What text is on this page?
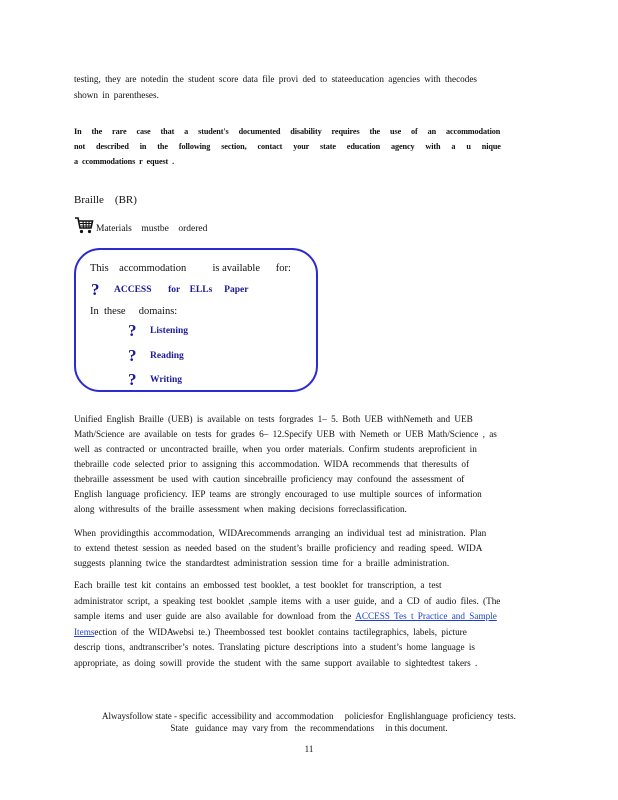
testing, they are notedin the student score data file provi ded to stateeducation agencies with thecodes
shown in parentheses.
In the rare case that a student's documented disability requires the use of an accommodation
not described in the following section, contact your state education agency with a u nique
a ccommodations r equest .
Braille    (BR)
Materials    mustbe    ordered
This    accommodation          is available      for:
? ACCESS       for    ELLs     Paper
In  these     domains:
? Listening
? Reading
? Writing
Unified English Braille (UEB) is available on tests forgrades 1– 5. Both UEB withNemeth and UEB
Math/Science are available on tests for grades 6– 12.Specify UEB with Nemeth or UEB Math/Science , as
well as contracted or uncontracted braille, when you order materials. Confirm students areproficient in
thebraille code selected prior to assigning this accommodation. WIDA recommends that theresults of
thebraille assessment be used with caution sincebraille proficiency may confound the assessment of
English language proficiency. IEP teams are strongly encouraged to use multiple sources of information
along withresults of the braille assessment when making decisions forreclassification.
When providingthis accommodation, WIDArecommends arranging an individual test ad ministration. Plan
to extend thetest session as needed based on the student’s braille proficiency and reading speed. WIDA
suggests planning twice the standardtest administration session time for a braille administration.
Each braille test kit contains an embossed test booklet, a test booklet for transcription, a test
administrator script, a speaking test booklet ,sample items with a user guide, and a CD of audio files. (The
sample items and user guide are also available for download from the ACCESS Tes t Practice and Sample
Itemsection of the WIDAwebsi te.) Theembossed test booklet contains tactilegraphics, labels, picture
descrip tions, andtranscriber’s notes. Translating picture descriptions into a student’s home language is
appropriate, as doing sowill provide the student with the same support available to sightedtest takers .
Alwaysfollow state - specific  accessibility and  accommodation     policiesfor  Englishlanguage  proficiency  tests.
State   guidance  may  vary from   the  recommendations     in this document.
11
